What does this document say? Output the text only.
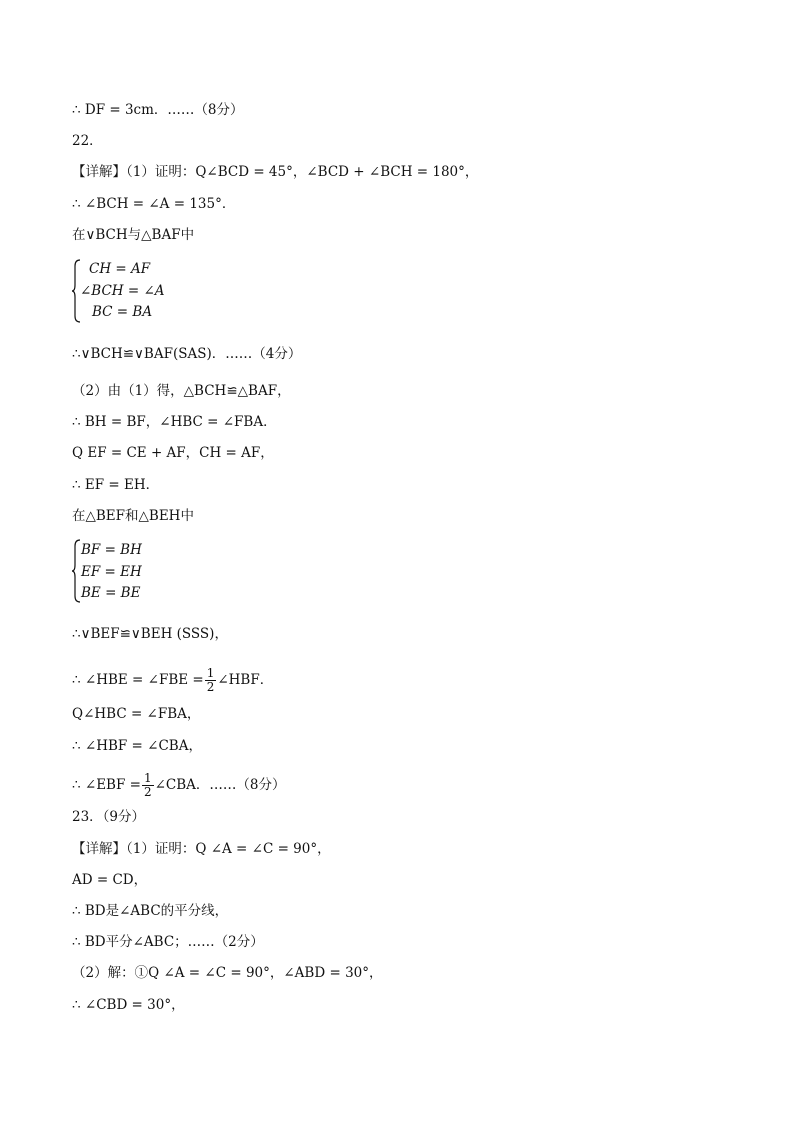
∴ DF = 3cm．……（8分）
22．
【详解】（1）证明：Q∠BCD = 45°，∠BCD + ∠BCH = 180°，
∴ ∠BCH = ∠A = 135°．
在∨BCH与△BAF中
CH = AF
∠BCH = ∠A
BC = BA
∴∨BCH≌∨BAF(SAS)．……（4分）
（2）由（1）得，△BCH≌△BAF，
∴ BH = BF，∠HBC = ∠FBA．
Q EF = CE + AF，CH = AF，
∴ EF = EH．
在△BEF和△BEH中
BF = BH
EF = EH
BE = BE
∴∨BEF≌∨BEH (SSS)，
∴ ∠HBE = ∠FBE = $\frac{1}{2}$ ∠HBF．
Q∠HBC = ∠FBA，
∴ ∠HBF = ∠CBA，
∴ ∠EBF = $\frac{1}{2}$ ∠CBA．……（8分）
23．（9分）
【详解】（1）证明：Q ∠A = ∠C = 90°，
AD = CD，
∴ BD是∠ABC的平分线，
∴ BD平分∠ABC；……（2分）
（2）解：①Q ∠A = ∠C = 90°，∠ABD = 30°，
∴ ∠CBD = 30°，
